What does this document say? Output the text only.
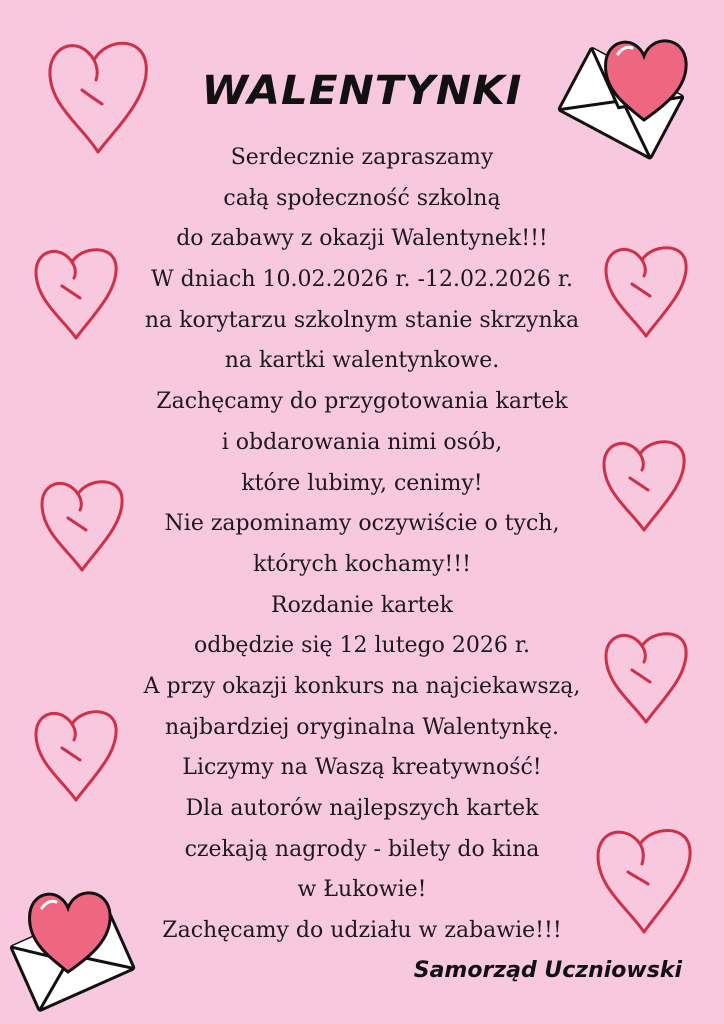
WALENTYNKI
Serdecznie zapraszamy
całą społeczność szkolną
do zabawy z okazji Walentynek!!!
W dniach 10.02.2026 r. -12.02.2026 r.
na korytarzu szkolnym stanie skrzynka
na kartki walentynkowe.
Zachęcamy do przygotowania kartek
i obdarowania nimi osób,
które lubimy, cenimy!
Nie zapominamy oczywiście o tych,
których kochamy!!!
Rozdanie kartek
odbędzie się 12 lutego 2026 r.
A przy okazji konkurs na najciekawszą,
najbardziej oryginalna Walentynkę.
Liczymy na Waszą kreatywność!
Dla autorów najlepszych kartek
czekają nagrody - bilety do kina
w Łukowie!
Zachęcamy do udziału w zabawie!!!
Samorząd Uczniowski
